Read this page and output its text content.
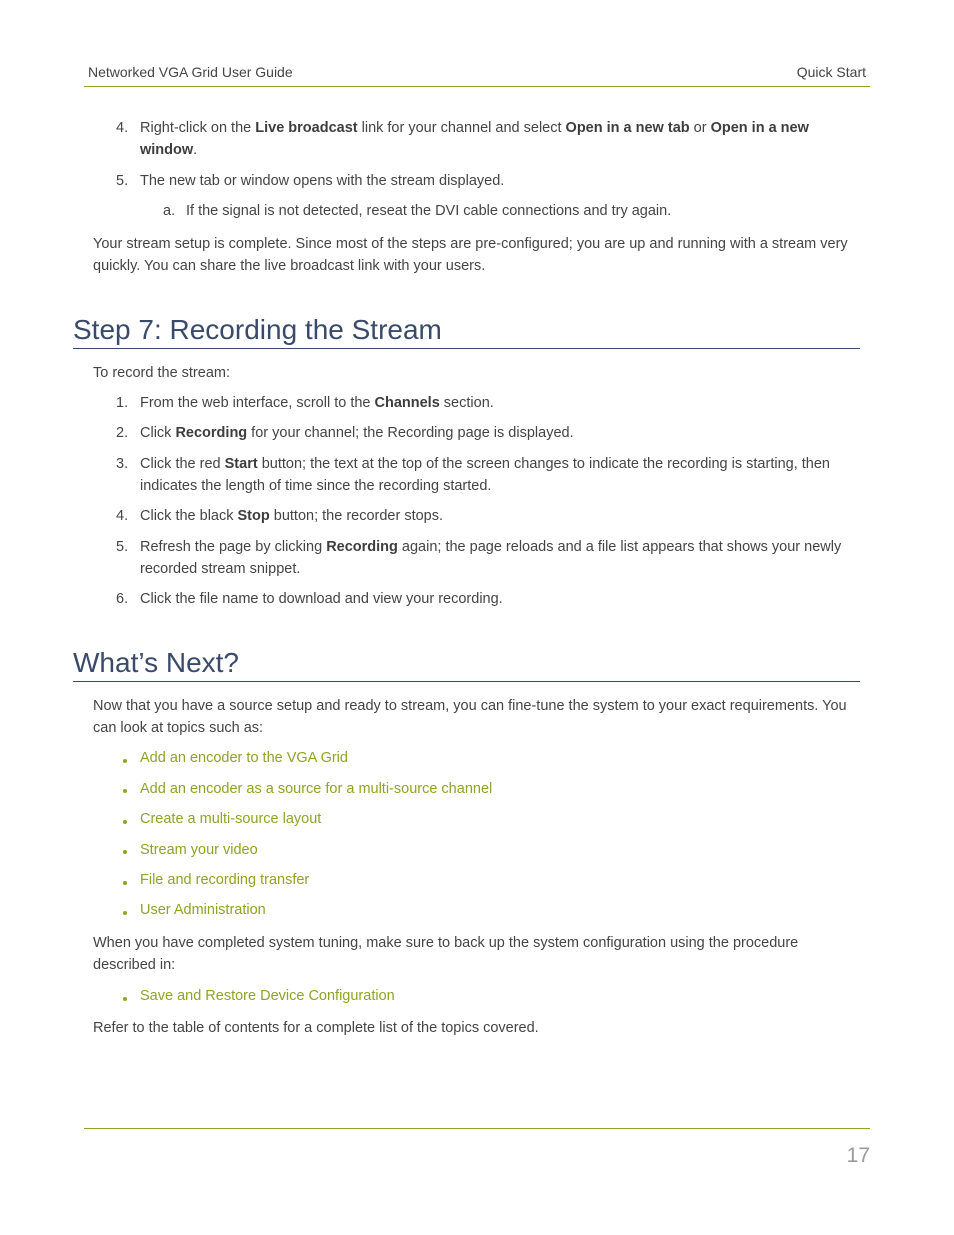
Networked VGA Grid User Guide	Quick Start
4. Right-click on the Live broadcast link for your channel and select Open in a new tab or Open in a new window.
5. The new tab or window opens with the stream displayed.
a. If the signal is not detected, reseat the DVI cable connections and try again.
Your stream setup is complete. Since most of the steps are pre-configured; you are up and running with a stream very quickly. You can share the live broadcast link with your users.
Step 7: Recording the Stream
To record the stream:
1. From the web interface, scroll to the Channels section.
2. Click Recording for your channel; the Recording page is displayed.
3. Click the red Start button; the text at the top of the screen changes to indicate the recording is starting, then indicates the length of time since the recording started.
4. Click the black Stop button; the recorder stops.
5. Refresh the page by clicking Recording again; the page reloads and a file list appears that shows your newly recorded stream snippet.
6. Click the file name to download and view your recording.
What’s Next?
Now that you have a source setup and ready to stream, you can fine-tune the system to your exact requirements. You can look at topics such as:
Add an encoder to the VGA Grid
Add an encoder as a source for a multi-source channel
Create a multi-source layout
Stream your video
File and recording transfer
User Administration
When you have completed system tuning, make sure to back up the system configuration using the procedure described in:
Save and Restore Device Configuration
Refer to the table of contents for a complete list of the topics covered.
17
